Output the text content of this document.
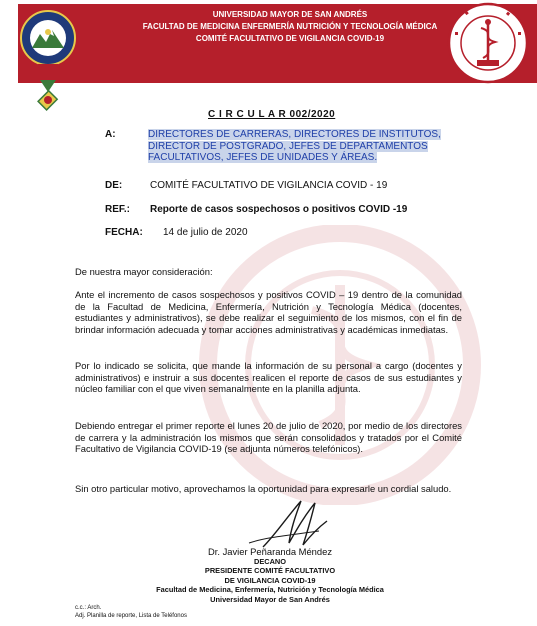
UNIVERSIDAD MAYOR DE SAN ANDRÉS
FACULTAD DE MEDICINA ENFERMERÍA NUTRICIÓN Y TECNOLOGÍA MÉDICA
COMITÉ FACULTATIVO DE VIGILANCIA COVID-19
C I R C U L A R 002/2020
A:	DIRECTORES DE CARRERAS, DIRECTORES DE INSTITUTOS,
DIRECTOR DE POSTGRADO, JEFES DE DEPARTAMENTOS
FACULTATIVOS, JEFES DE UNIDADES Y ÁREAS.
DE:	COMITÉ FACULTATIVO DE VIGILANCIA COVID - 19
REF.: Reporte de casos sospechosos o positivos COVID -19
FECHA: 14 de julio de 2020
De nuestra mayor consideración:
Ante el incremento de casos sospechosos y positivos COVID – 19 dentro de la comunidad de la Facultad de Medicina, Enfermería, Nutrición y Tecnología Médica (docentes, estudiantes y administrativos), se debe realizar el seguimiento de los mismos, con el fin de brindar información adecuada y tomar acciones administrativas y académicas inmediatas.
Por lo indicado se solicita, que mande la información de su personal a cargo (docentes y administrativos) e instruir a sus docentes realicen el reporte de casos de sus estudiantes y núcleo familiar con el que viven semanalmente en la planilla adjunta.
Debiendo entregar el primer reporte el lunes 20 de julio de 2020, por medio de los directores de carrera y la administración los mismos que serán consolidados y tratados por el Comité Facultativo de Vigilancia COVID-19 (se adjunta números telefónicos).
Sin otro particular motivo, aprovechamos la oportunidad para expresarle un cordial saludo.
Dr. Javier Peñaranda Méndez
DECANO
PRESIDENTE COMITÉ FACULTATIVO
DE VIGILANCIA COVID-19
Facultad de Medicina, Enfermería, Nutrición y Tecnología Médica
Universidad Mayor de San Andrés
c.c.: Arch.
Adj. Planilla de reporte, Lista de Teléfonos
